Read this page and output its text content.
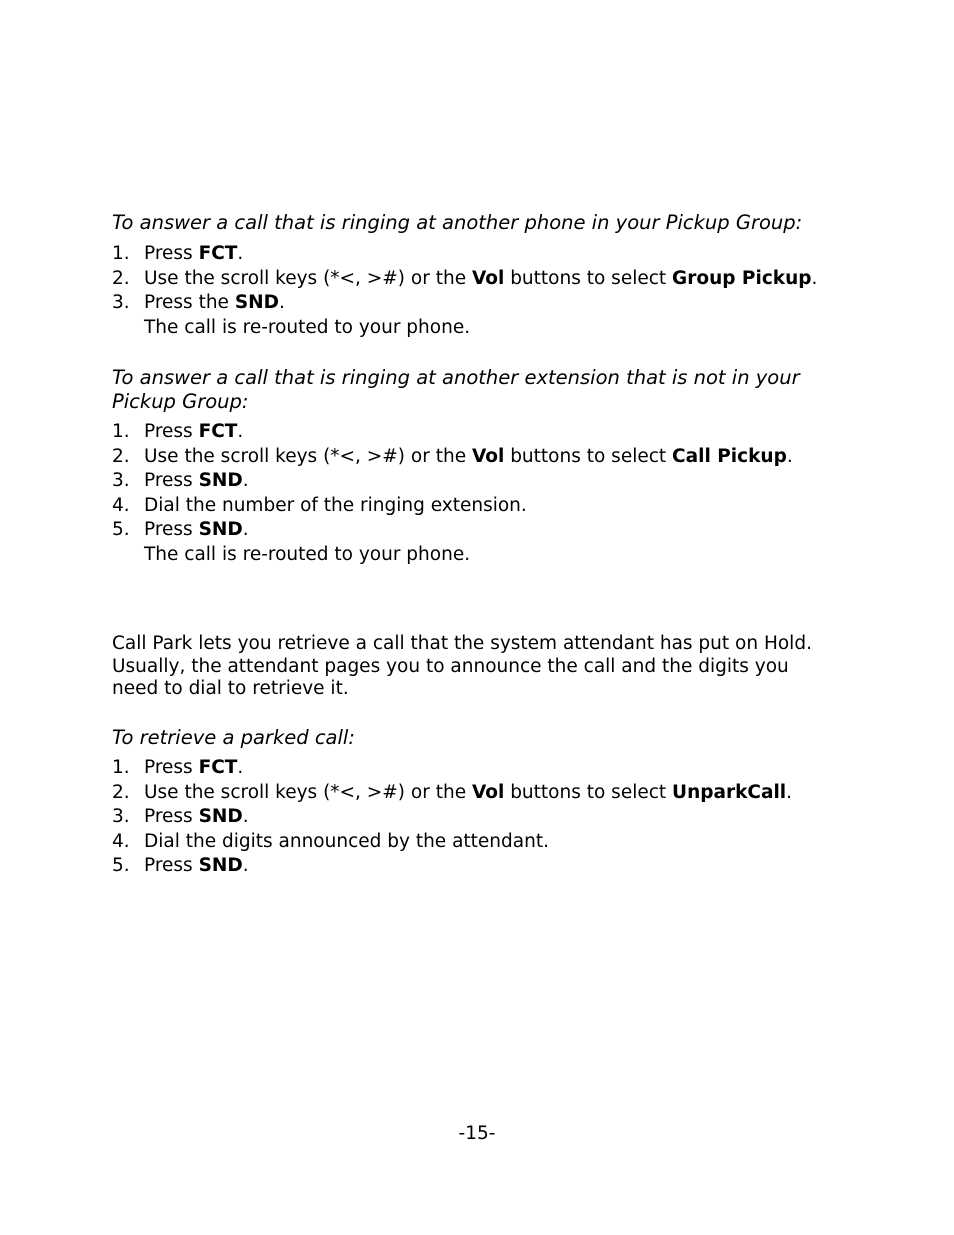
To answer a call that is ringing at another phone in your Pickup Group:

1. Press FCT.
2. Use the scroll keys (*<, >#) or the Vol buttons to select Group Pickup.
3. Press the SND.

The call is re-routed to your phone.

To answer a call that is ringing at another extension that is not in your

Pickup Group:

1. Press FCT.
2. Use the scroll keys (*<, >#) or the Vol buttons to select Call Pickup.
3. Press SND.
4. Dial the number of the ringing extension.
5. Press SND.

The call is re-routed to your phone.

Call Park lets you retrieve a call that the system attendant has put on Hold.

Usually, the attendant pages you to announce the call and the digits you

need to dial to retrieve it.

To retrieve a parked call:

1. Press FCT.
2. Use the scroll keys (*<, >#) or the Vol buttons to select UnparkCall.
3. Press SND.
4. Dial the digits announced by the attendant.
5. Press SND.
-15-
